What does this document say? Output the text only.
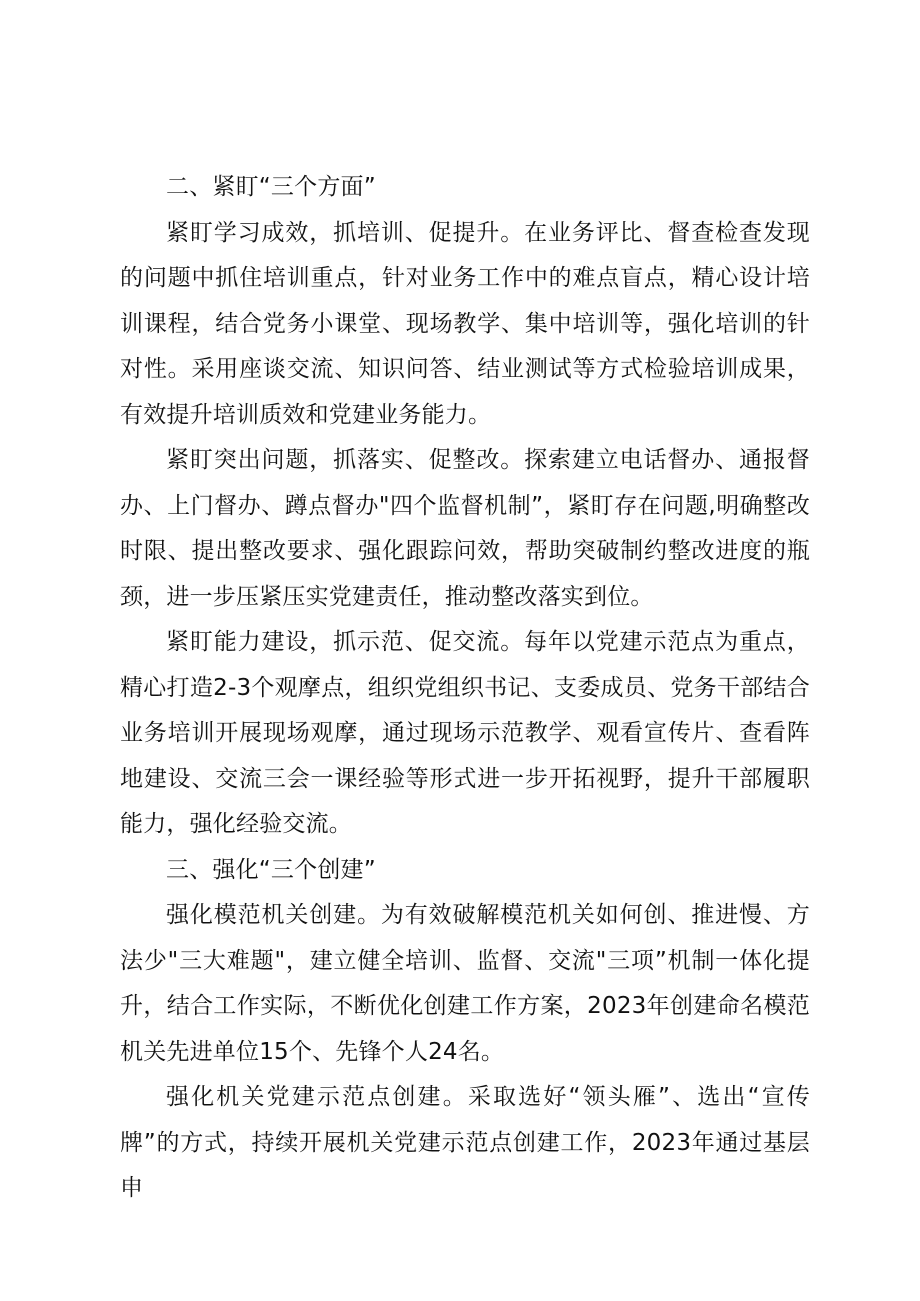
二、紧盯“三个方面”

紧盯学习成效，抓培训、促提升。在业务评比、督查检查发现的问题中抓住培训重点，针对业务工作中的难点盲点，精心设计培训课程，结合党务小课堂、现场教学、集中培训等，强化培训的针对性。采用座谈交流、知识问答、结业测试等方式检验培训成果，有效提升培训质效和党建业务能力。

紧盯突出问题，抓落实、促整改。探索建立电话督办、通报督办、上门督办、蹲点督办"四个监督机制”，紧盯存在问题,明确整改时限、提出整改要求、强化跟踪问效，帮助突破制约整改进度的瓶颈，进一步压紧压实党建责任，推动整改落实到位。

紧盯能力建设，抓示范、促交流。每年以党建示范点为重点，精心打造2-3个观摩点，组织党组织书记、支委成员、党务干部结合业务培训开展现场观摩，通过现场示范教学、观看宣传片、查看阵地建设、交流三会一课经验等形式进一步开拓视野，提升干部履职能力，强化经验交流。

三、强化“三个创建”

强化模范机关创建。为有效破解模范机关如何创、推进慢、方法少"三大难题"，建立健全培训、监督、交流"三项”机制一体化提升，结合工作实际，不断优化创建工作方案，2023年创建命名模范机关先进单位15个、先锋个人24名。

强化机关党建示范点创建。采取选好“领头雁”、选出“宣传牌”的方式，持续开展机关党建示范点创建工作，2023年通过基层申
